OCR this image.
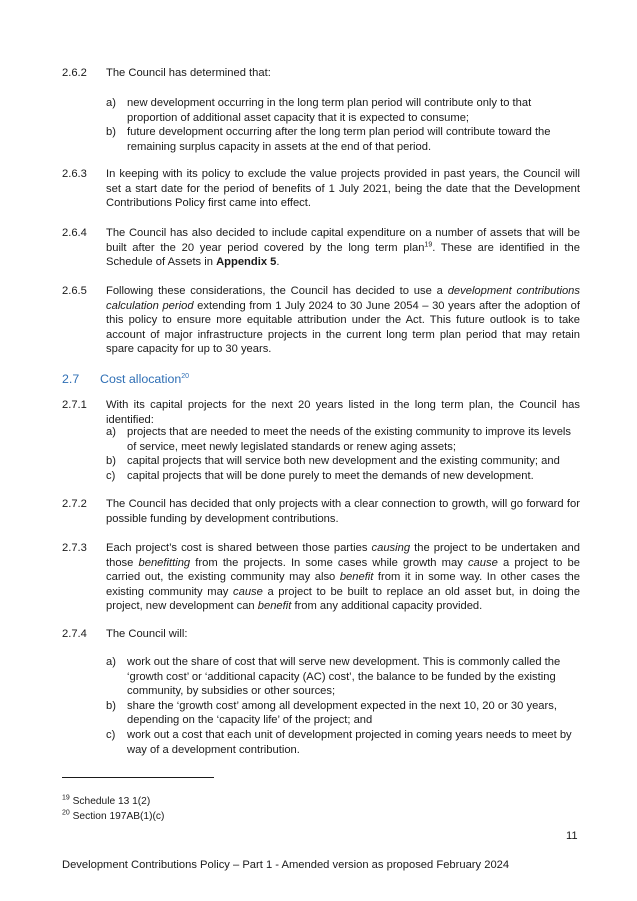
2.6.2	The Council has determined that:
a) new development occurring in the long term plan period will contribute only to that proportion of additional asset capacity that it is expected to consume;
b) future development occurring after the long term plan period will contribute toward the remaining surplus capacity in assets at the end of that period.
2.6.3	In keeping with its policy to exclude the value projects provided in past years, the Council will set a start date for the period of benefits of 1 July 2021, being the date that the Development Contributions Policy first came into effect.
2.6.4	The Council has also decided to include capital expenditure on a number of assets that will be built after the 20 year period covered by the long term plan$^{19}$. These are identified in the Schedule of Assets in Appendix 5.
2.6.5	Following these considerations, the Council has decided to use a development contributions calculation period extending from 1 July 2024 to 30 June 2054 – 30 years after the adoption of this policy to ensure more equitable attribution under the Act. This future outlook is to take account of major infrastructure projects in the current long term plan period that may retain spare capacity for up to 30 years.
2.7 Cost allocation$^{20}$
2.7.1	With its capital projects for the next 20 years listed in the long term plan, the Council has identified:
a) projects that are needed to meet the needs of the existing community to improve its levels of service, meet newly legislated standards or renew aging assets;
b) capital projects that will service both new development and the existing community; and
c) capital projects that will be done purely to meet the demands of new development.
2.7.2	The Council has decided that only projects with a clear connection to growth, will go forward for possible funding by development contributions.
2.7.3	Each project’s cost is shared between those parties causing the project to be undertaken and those benefitting from the projects. In some cases while growth may cause a project to be carried out, the existing community may also benefit from it in some way. In other cases the existing community may cause a project to be built to replace an old asset but, in doing the project, new development can benefit from any additional capacity provided.
2.7.4	The Council will:
a) work out the share of cost that will serve new development. This is commonly called the ‘growth cost’ or ‘additional capacity (AC) cost’, the balance to be funded by the existing community, by subsidies or other sources;
b) share the ‘growth cost’ among all development expected in the next 10, 20 or 30 years, depending on the ‘capacity life’ of the project; and
c) work out a cost that each unit of development projected in coming years needs to meet by way of a development contribution.
$^{19}$ Schedule 13 1(2)
$^{20}$ Section 197AB(1)(c)
11
Development Contributions Policy – Part 1 - Amended version as proposed February 2024
